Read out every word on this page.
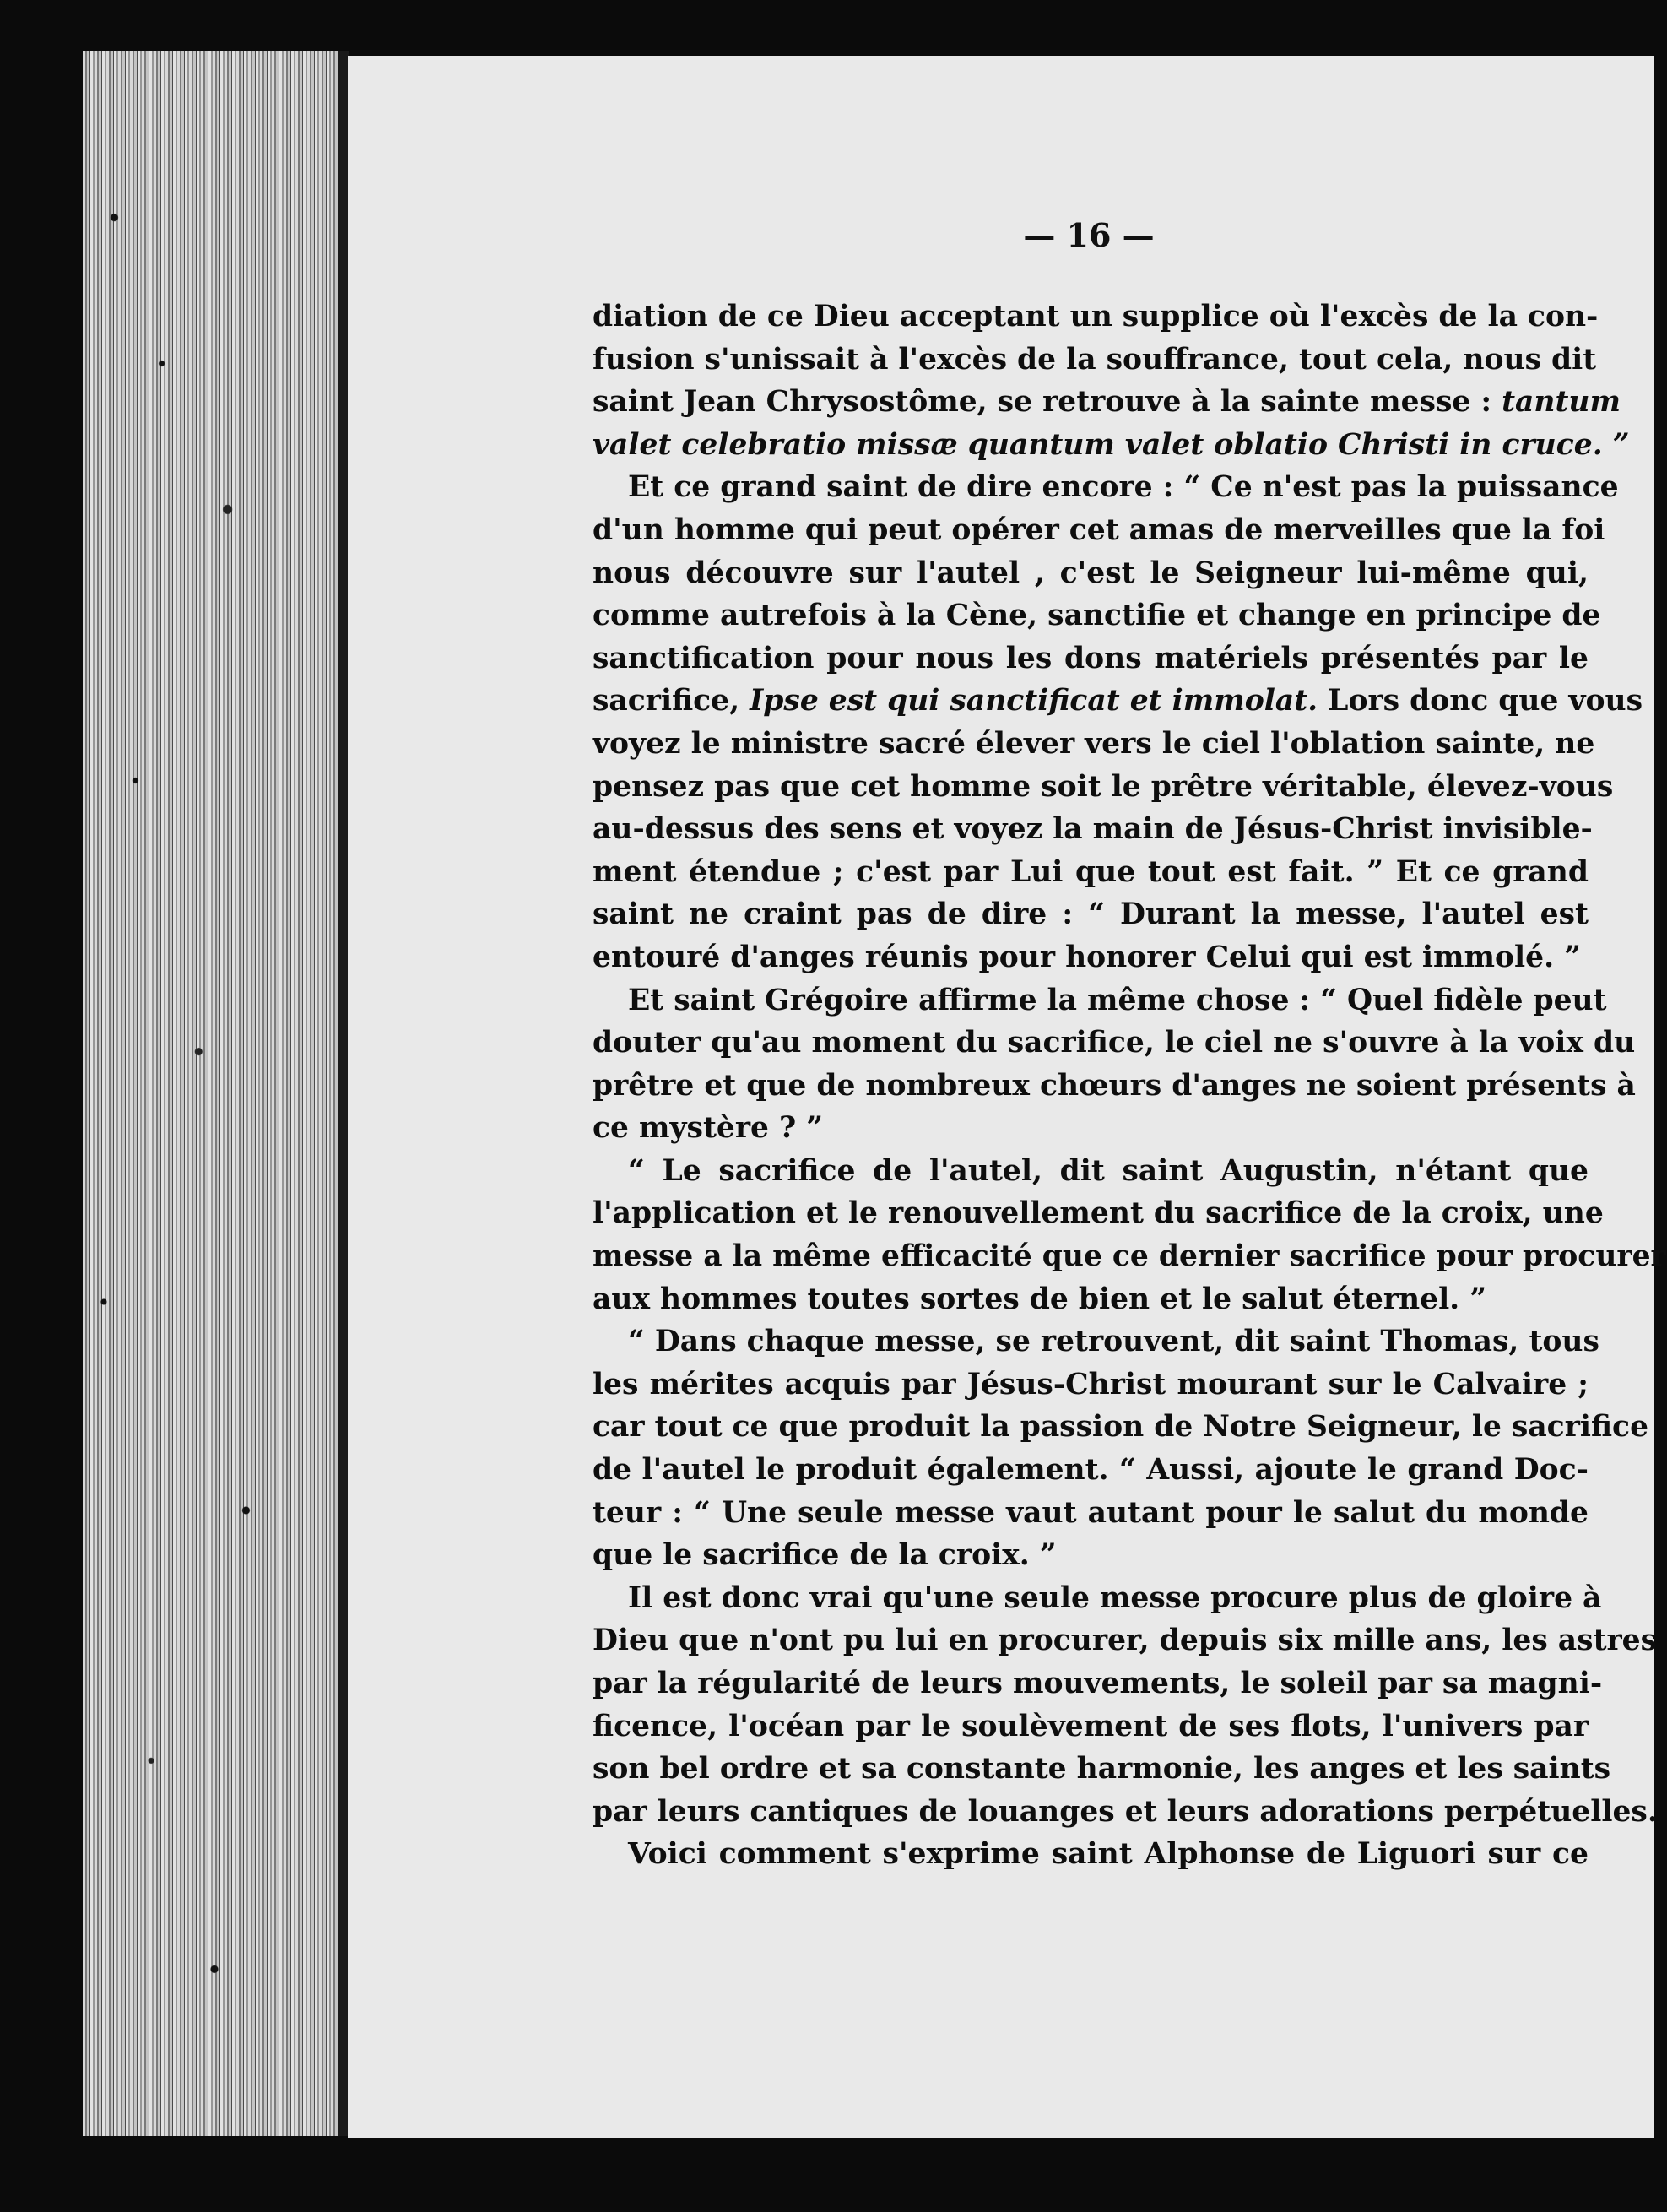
— 16 —
diation de ce Dieu acceptant un supplice où l'excès de la con-
fusion s'unissait à l'excès de la souffrance, tout cela, nous dit
saint Jean Chrysostôme, se retrouve à la sainte messe : tantum
valet celebratio missæ quantum valet oblatio Christi in cruce. ”
Et ce grand saint de dire encore : “ Ce n'est pas la puissance
d'un homme qui peut opérer cet amas de merveilles que la foi
nous découvre sur l'autel , c'est le Seigneur lui-même qui,
comme autrefois à la Cène, sanctifie et change en principe de
sanctification pour nous les dons matériels présentés par le
sacrifice, Ipse est qui sanctificat et immolat. Lors donc que vous
voyez le ministre sacré élever vers le ciel l'oblation sainte, ne
pensez pas que cet homme soit le prêtre véritable, élevez-vous
au-dessus des sens et voyez la main de Jésus-Christ invisible-
ment étendue ; c'est par Lui que tout est fait. ” Et ce grand
saint ne craint pas de dire : “ Durant la messe, l'autel est
entouré d'anges réunis pour honorer Celui qui est immolé. ”
Et saint Grégoire affirme la même chose : “ Quel fidèle peut
douter qu'au moment du sacrifice, le ciel ne s'ouvre à la voix du
prêtre et que de nombreux chœurs d'anges ne soient présents à
ce mystère ? ”
“ Le sacrifice de l'autel, dit saint Augustin, n'étant que
l'application et le renouvellement du sacrifice de la croix, une
messe a la même efficacité que ce dernier sacrifice pour procurer
aux hommes toutes sortes de bien et le salut éternel. ”
“ Dans chaque messe, se retrouvent, dit saint Thomas, tous
les mérites acquis par Jésus-Christ mourant sur le Calvaire ;
car tout ce que produit la passion de Notre Seigneur, le sacrifice
de l'autel le produit également. “ Aussi, ajoute le grand Doc-
teur : “ Une seule messe vaut autant pour le salut du monde
que le sacrifice de la croix. ”
Il est donc vrai qu'une seule messe procure plus de gloire à
Dieu que n'ont pu lui en procurer, depuis six mille ans, les astres
par la régularité de leurs mouvements, le soleil par sa magni-
ficence, l'océan par le soulèvement de ses flots, l'univers par
son bel ordre et sa constante harmonie, les anges et les saints
par leurs cantiques de louanges et leurs adorations perpétuelles.
Voici comment s'exprime saint Alphonse de Liguori sur ce
